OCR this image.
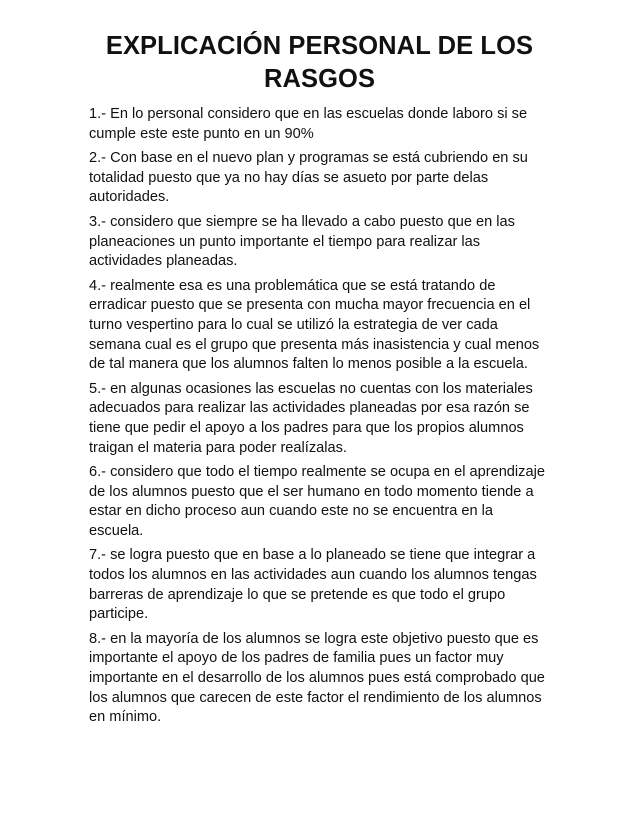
EXPLICACIÓN PERSONAL DE LOS RASGOS

1.- En lo personal considero que en las escuelas donde laboro si se cumple este este punto en un 90%

2.- Con base en el nuevo plan y programas se está cubriendo en su totalidad puesto que ya no hay días se asueto por parte delas autoridades.

3.- considero que siempre se ha llevado a cabo puesto que en las planeaciones un punto importante el tiempo para realizar las actividades planeadas.

4.- realmente esa es una problemática que se está tratando de erradicar puesto que se presenta con mucha mayor frecuencia en el turno vespertino para lo cual se utilizó la estrategia de ver cada semana cual es el grupo que presenta más inasistencia y cual menos de tal manera que los alumnos falten lo menos posible a la escuela.

5.- en algunas ocasiones las escuelas no cuentas con los materiales adecuados para realizar las actividades planeadas por esa razón se tiene que pedir el apoyo a los padres para que los propios alumnos traigan el materia para poder realízalas.

6.- considero que todo el tiempo realmente se ocupa en el aprendizaje de los alumnos puesto que el ser humano en todo momento tiende a estar en dicho proceso aun cuando este no se encuentra en la escuela.

7.- se logra puesto que en base a lo planeado se tiene que integrar a todos los alumnos en las actividades aun cuando los alumnos tengas barreras de aprendizaje lo que se pretende es que todo el grupo participe.

8.- en la mayoría de los alumnos se logra este objetivo puesto que es importante el apoyo de los padres de familia pues un factor muy importante en el desarrollo de los alumnos pues está comprobado que los alumnos que carecen de este factor el rendimiento de los alumnos en mínimo.
